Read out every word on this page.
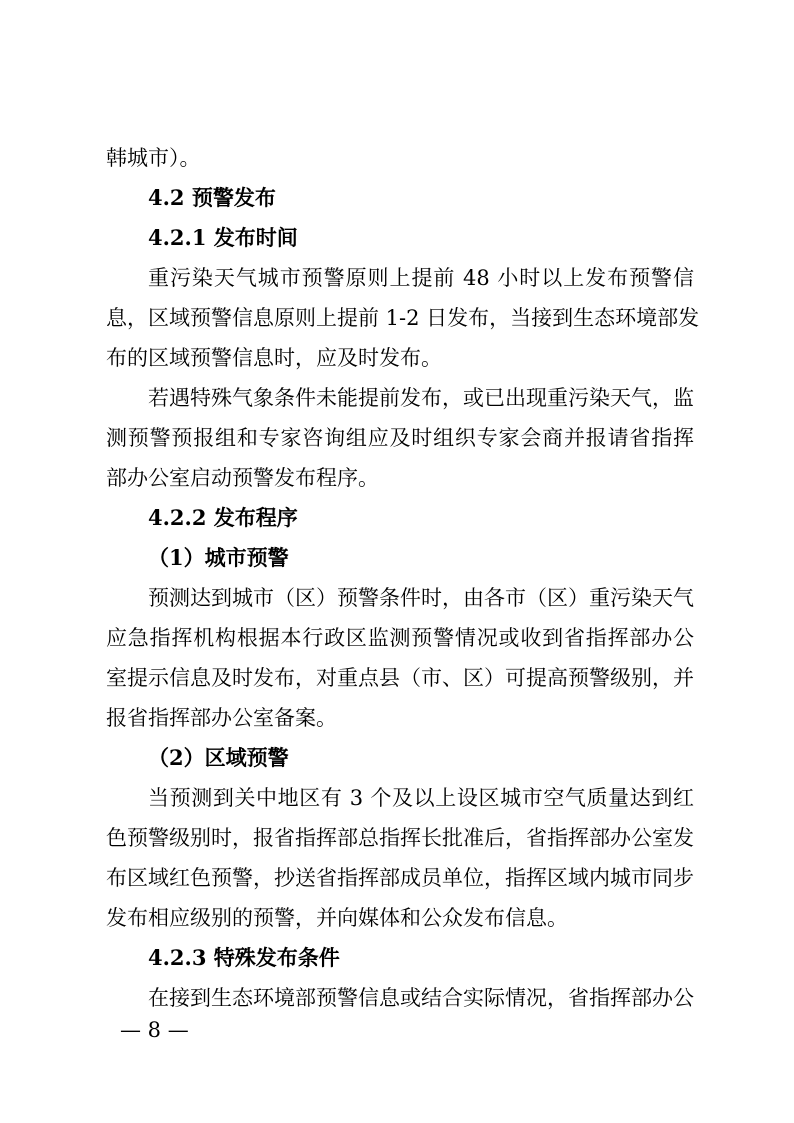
韩城市）。
4.2 预警发布
4.2.1 发布时间
重污染天气城市预警原则上提前 48 小时以上发布预警信
息，区域预警信息原则上提前 1-2 日发布，当接到生态环境部发
布的区域预警信息时，应及时发布。
若遇特殊气象条件未能提前发布，或已出现重污染天气，监
测预警预报组和专家咨询组应及时组织专家会商并报请省指挥
部办公室启动预警发布程序。
4.2.2 发布程序
（1）城市预警
预测达到城市（区）预警条件时，由各市（区）重污染天气
应急指挥机构根据本行政区监测预警情况或收到省指挥部办公
室提示信息及时发布，对重点县（市、区）可提高预警级别，并
报省指挥部办公室备案。
（2）区域预警
当预测到关中地区有 3 个及以上设区城市空气质量达到红
色预警级别时，报省指挥部总指挥长批准后，省指挥部办公室发
布区域红色预警，抄送省指挥部成员单位，指挥区域内城市同步
发布相应级别的预警，并向媒体和公众发布信息。
4.2.3 特殊发布条件
在接到生态环境部预警信息或结合实际情况，省指挥部办公
— 8 —
